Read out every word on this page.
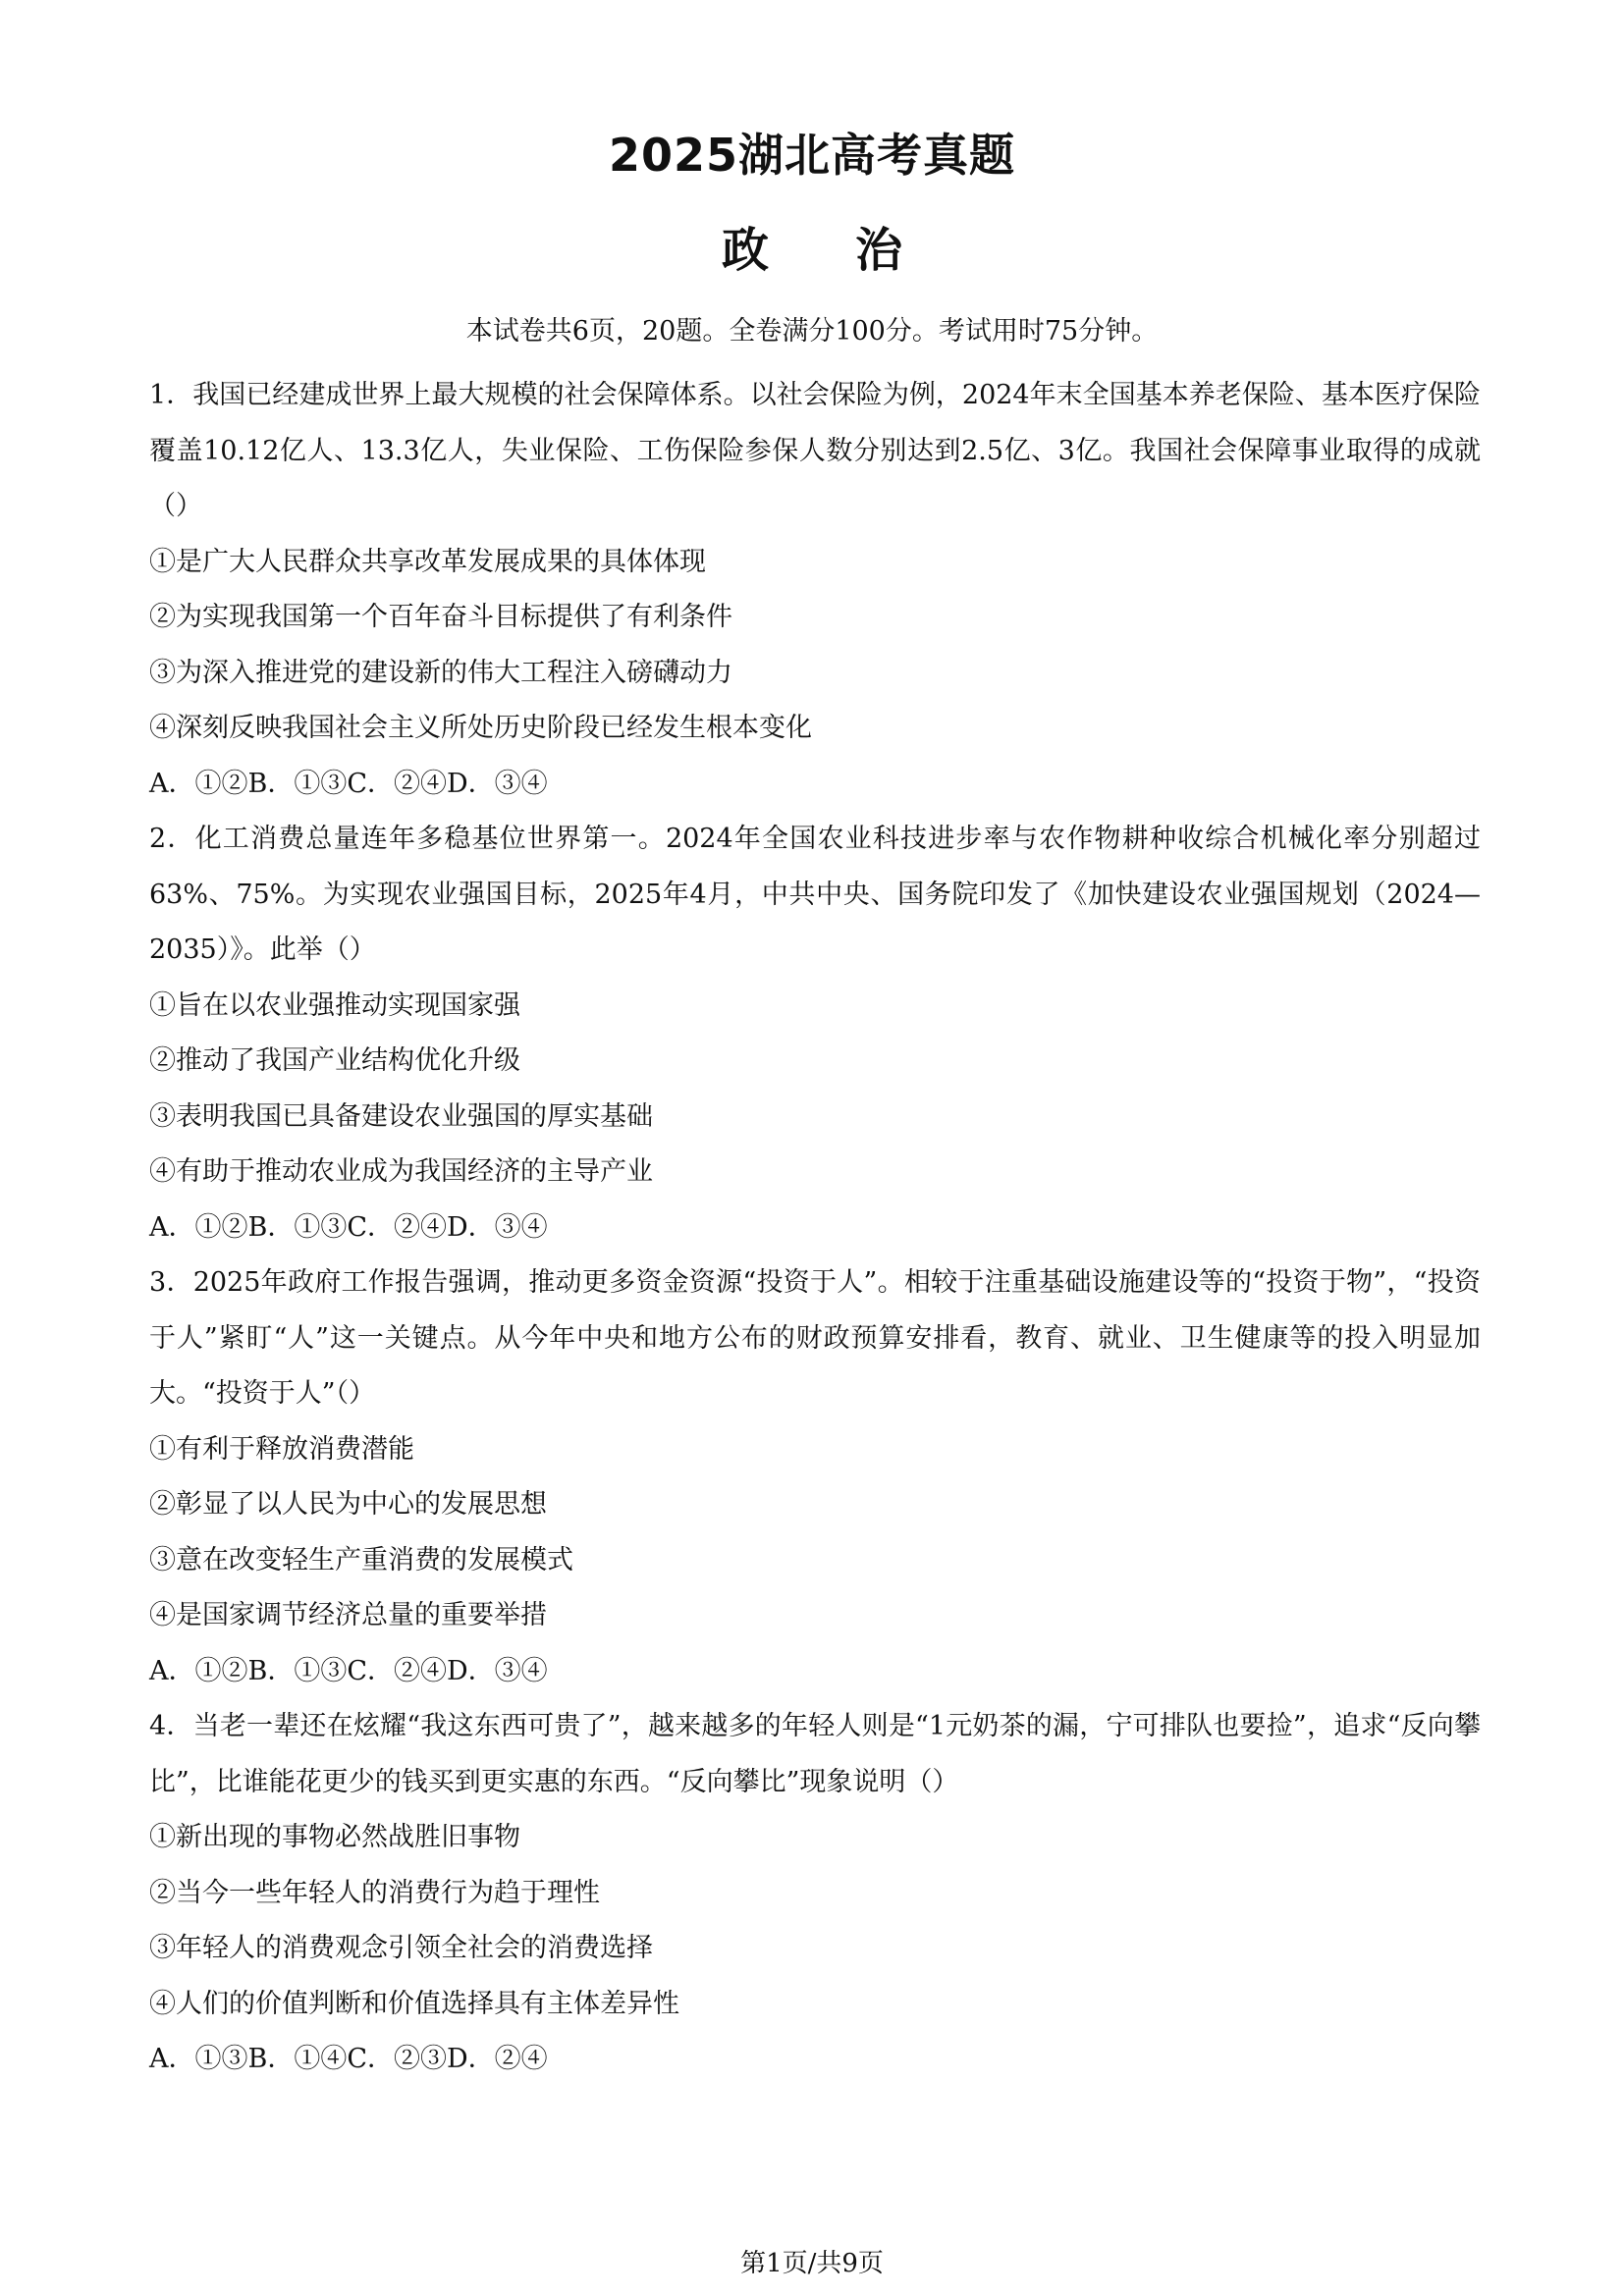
2025湖北高考真题
政治
本试卷共6页，20题。全卷满分100分。考试用时75分钟。
1．我国已经建成世界上最大规模的社会保障体系。以社会保险为例，2024年末全国基本养老保险、基本医疗保险覆盖10.12亿人、13.3亿人，失业保险、工伤保险参保人数分别达到2.5亿、3亿。我国社会保障事业取得的成就（）
①是广大人民群众共享改革发展成果的具体体现
②为实现我国第一个百年奋斗目标提供了有利条件
③为深入推进党的建设新的伟大工程注入磅礴动力
④深刻反映我国社会主义所处历史阶段已经发生根本变化
A．①②B．①③C．②④D．③④
2．化工消费总量连年多稳基位世界第一。2024年全国农业科技进步率与农作物耕种收综合机械化率分别超过63%、75%。为实现农业强国目标，2025年4月，中共中央、国务院印发了《加快建设农业强国规划（2024—2035）》。此举（）
①旨在以农业强推动实现国家强
②推动了我国产业结构优化升级
③表明我国已具备建设农业强国的厚实基础
④有助于推动农业成为我国经济的主导产业
A．①②B．①③C．②④D．③④
3．2025年政府工作报告强调，推动更多资金资源“投资于人”。相较于注重基础设施建设等的“投资于物”，“投资于人”紧盯“人”这一关键点。从今年中央和地方公布的财政预算安排看，教育、就业、卫生健康等的投入明显加大。“投资于人”（）
①有利于释放消费潜能
②彰显了以人民为中心的发展思想
③意在改变轻生产重消费的发展模式
④是国家调节经济总量的重要举措
A．①②B．①③C．②④D．③④
4．当老一辈还在炫耀“我这东西可贵了”，越来越多的年轻人则是“1元奶茶的漏，宁可排队也要捡”，追求“反向攀比”，比谁能花更少的钱买到更实惠的东西。“反向攀比”现象说明（）
①新出现的事物必然战胜旧事物
②当今一些年轻人的消费行为趋于理性
③年轻人的消费观念引领全社会的消费选择
④人们的价值判断和价值选择具有主体差异性
A．①③B．①④C．②③D．②④
第1页/共9页
